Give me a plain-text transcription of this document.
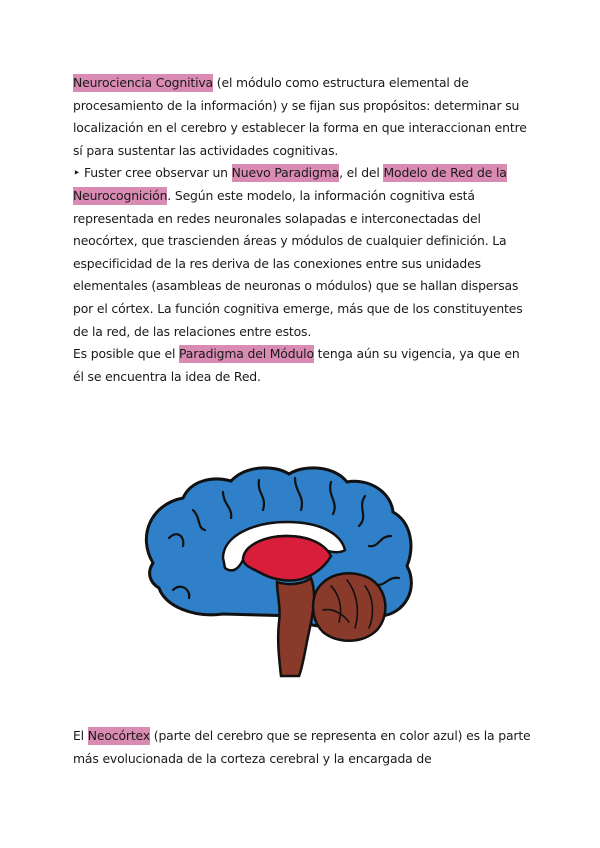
Neurociencia Cognitiva (el módulo como estructura elemental de procesamiento de la información) y se fijan sus propósitos: determinar su localización en el cerebro y establecer la forma en que interaccionan entre sí para sustentar las actividades cognitivas.
‣ Fuster cree observar un Nuevo Paradigma, el del Modelo de Red de la Neurocognición. Según este modelo, la información cognitiva está representada en redes neuronales solapadas e interconectadas del neocórtex, que trascienden áreas y módulos de cualquier definición. La especificidad de la res deriva de las conexiones entre sus unidades elementales (asambleas de neuronas o módulos) que se hallan dispersas por el córtex. La función cognitiva emerge, más que de los constituyentes de la red, de las relaciones entre estos.
Es posible que el Paradigma del Módulo tenga aún su vigencia, ya que en él se encuentra la idea de Red.

El Neocórtex (parte del cerebro que se representa en color azul) es la parte más evolucionada de la corteza cerebral y la encargada de
